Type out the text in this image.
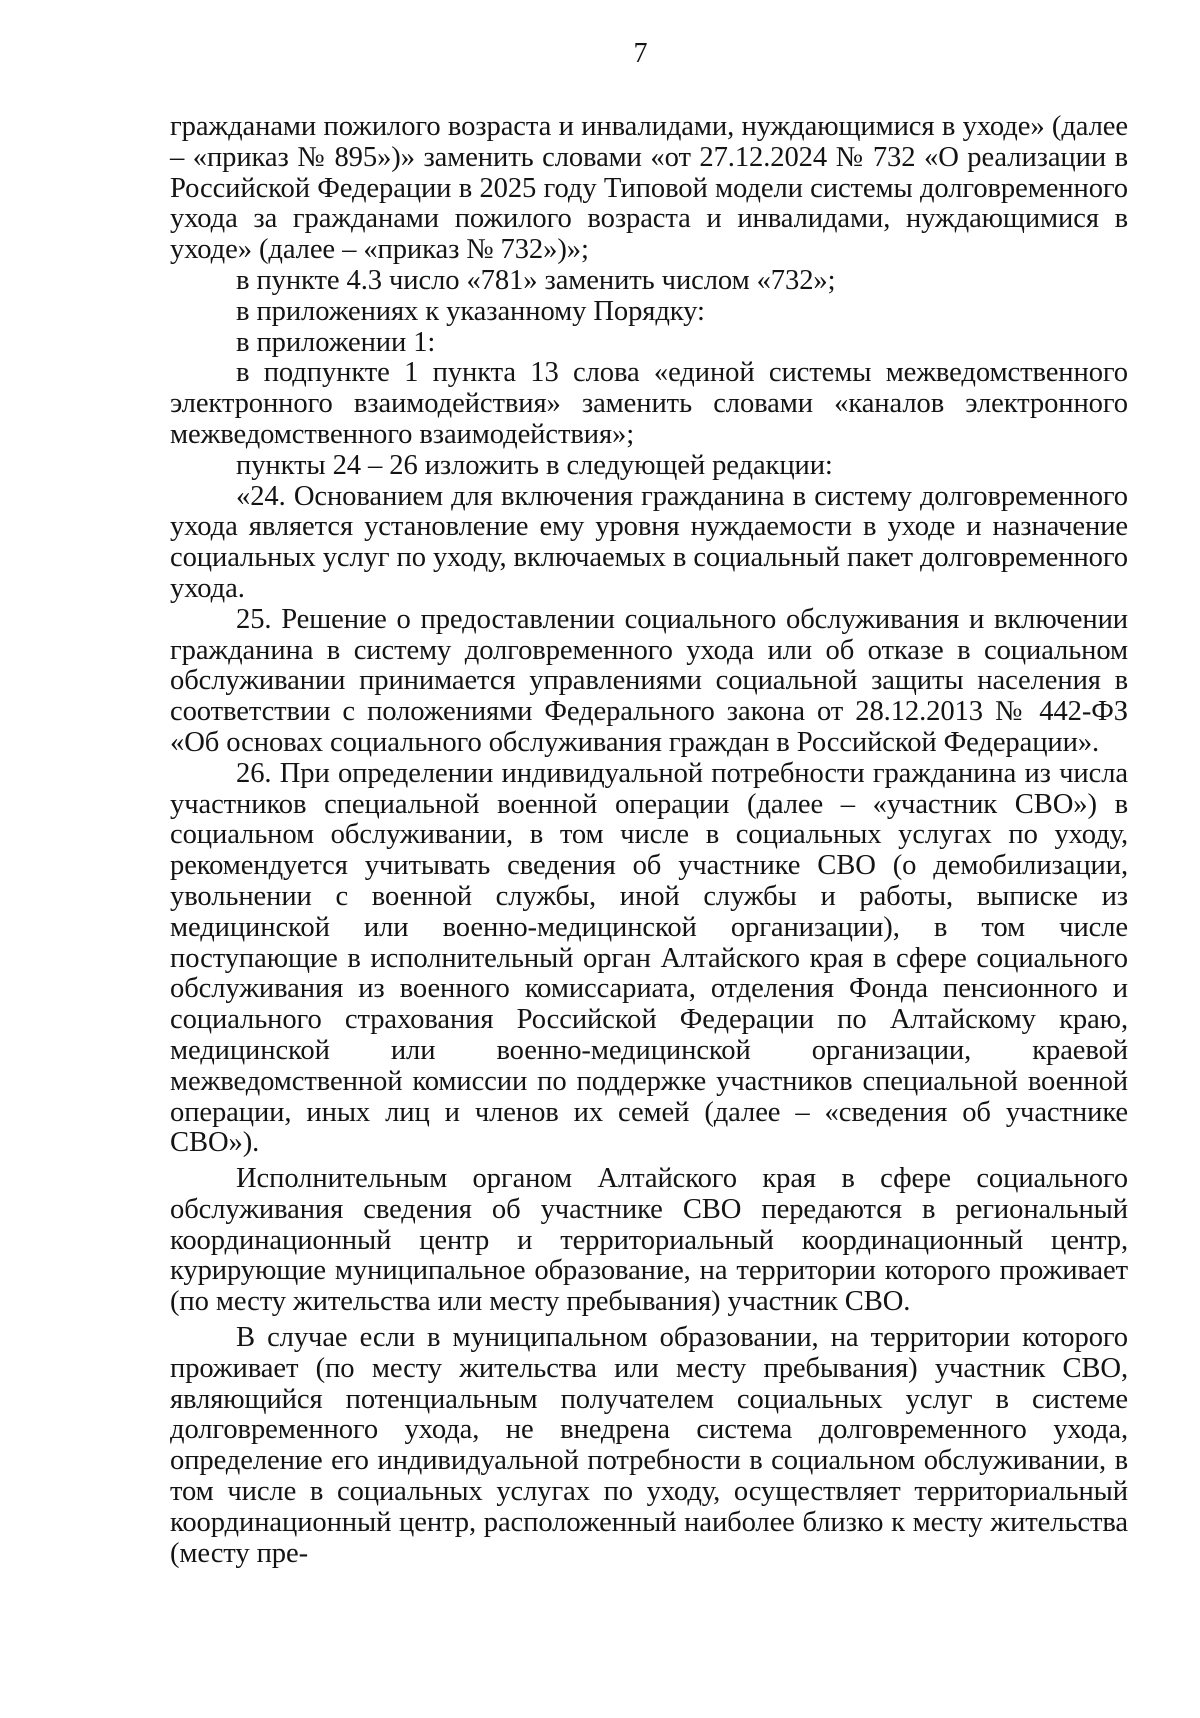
7

гражданами пожилого возраста и инвалидами, нуждающимися в уходе» (далее – «приказ № 895»)» заменить словами «от 27.12.2024 № 732 «О реализации в Российской Федерации в 2025 году Типовой модели системы долговременного ухода за гражданами пожилого возраста и инвалидами, нуждающимися в уходе» (далее – «приказ № 732»)»;

в пункте 4.3 число «781» заменить числом «732»;

в приложениях к указанному Порядку:

в приложении 1:

в подпункте 1 пункта 13 слова «единой системы межведомственного электронного взаимодействия» заменить словами «каналов электронного межведомственного взаимодействия»;

пункты 24 – 26 изложить в следующей редакции:

«24. Основанием для включения гражданина в систему долговременного ухода является установление ему уровня нуждаемости в уходе и назначение социальных услуг по уходу, включаемых в социальный пакет долговременного ухода.

25. Решение о предоставлении социального обслуживания и включении гражданина в систему долговременного ухода или об отказе в социальном обслуживании принимается управлениями социальной защиты населения в соответствии с положениями Федерального закона от 28.12.2013 № 442-ФЗ «Об основах социального обслуживания граждан в Российской Федерации».

26. При определении индивидуальной потребности гражданина из числа участников специальной военной операции (далее – «участник СВО») в социальном обслуживании, в том числе в социальных услугах по уходу, рекомендуется учитывать сведения об участнике СВО (о демобилизации, увольнении с военной службы, иной службы и работы, выписке из медицинской или военно-медицинской организации), в том числе поступающие в исполнительный орган Алтайского края в сфере социального обслуживания из военного комиссариата, отделения Фонда пенсионного и социального страхования Российской Федерации по Алтайскому краю, медицинской или военно-медицинской организации, краевой межведомственной комиссии по поддержке участников специальной военной операции, иных лиц и членов их семей (далее – «сведения об участнике СВО»).

Исполнительным органом Алтайского края в сфере социального обслуживания сведения об участнике СВО передаются в региональный координационный центр и территориальный координационный центр, курирующие муниципальное образование, на территории которого проживает (по месту жительства или месту пребывания) участник СВО.

В случае если в муниципальном образовании, на территории которого проживает (по месту жительства или месту пребывания) участник СВО, являющийся потенциальным получателем социальных услуг в системе долговременного ухода, не внедрена система долговременного ухода, определение его индивидуальной потребности в социальном обслуживании, в том числе в социальных услугах по уходу, осуществляет территориальный координационный центр, расположенный наиболее близко к месту жительства (месту пре-
